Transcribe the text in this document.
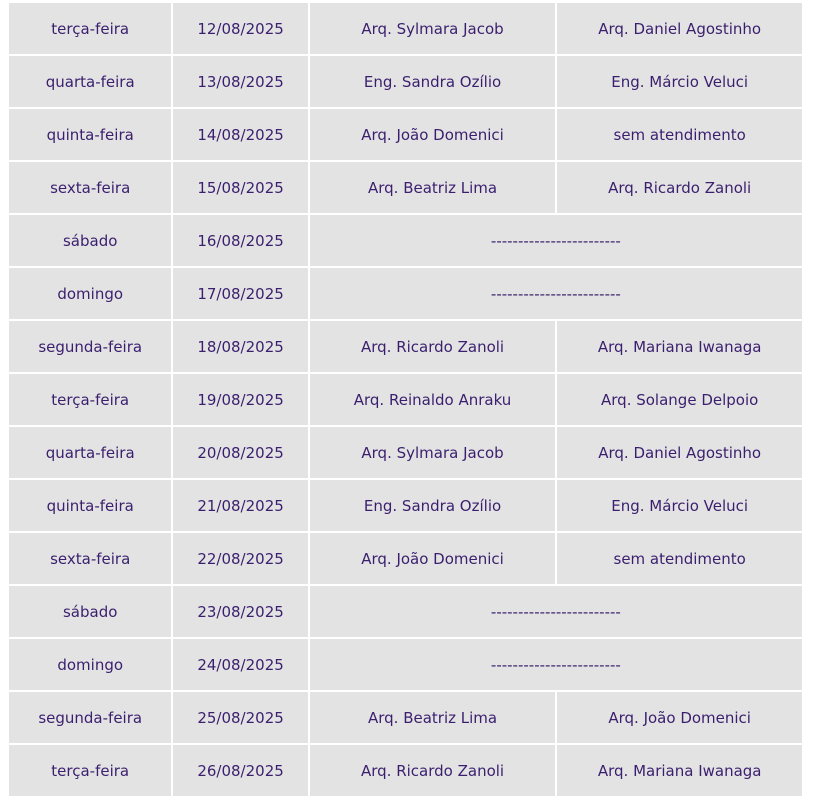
terça-feira	12/08/2025	Arq. Sylmara Jacob	Arq. Daniel Agostinho
quarta-feira	13/08/2025	Eng. Sandra Ozílio	Eng. Márcio Veluci
quinta-feira	14/08/2025	Arq. João Domenici	sem atendimento
sexta-feira	15/08/2025	Arq. Beatriz Lima	Arq. Ricardo Zanoli
sábado	16/08/2025	------------------------	
domingo	17/08/2025	------------------------	
segunda-feira	18/08/2025	Arq. Ricardo Zanoli	Arq. Mariana Iwanaga
terça-feira	19/08/2025	Arq. Reinaldo Anraku	Arq. Solange Delpoio
quarta-feira	20/08/2025	Arq. Sylmara Jacob	Arq. Daniel Agostinho
quinta-feira	21/08/2025	Eng. Sandra Ozílio	Eng. Márcio Veluci
sexta-feira	22/08/2025	Arq. João Domenici	sem atendimento
sábado	23/08/2025	------------------------	
domingo	24/08/2025	------------------------	
segunda-feira	25/08/2025	Arq. Beatriz Lima	Arq. João Domenici
terça-feira	26/08/2025	Arq. Ricardo Zanoli	Arq. Mariana Iwanaga
